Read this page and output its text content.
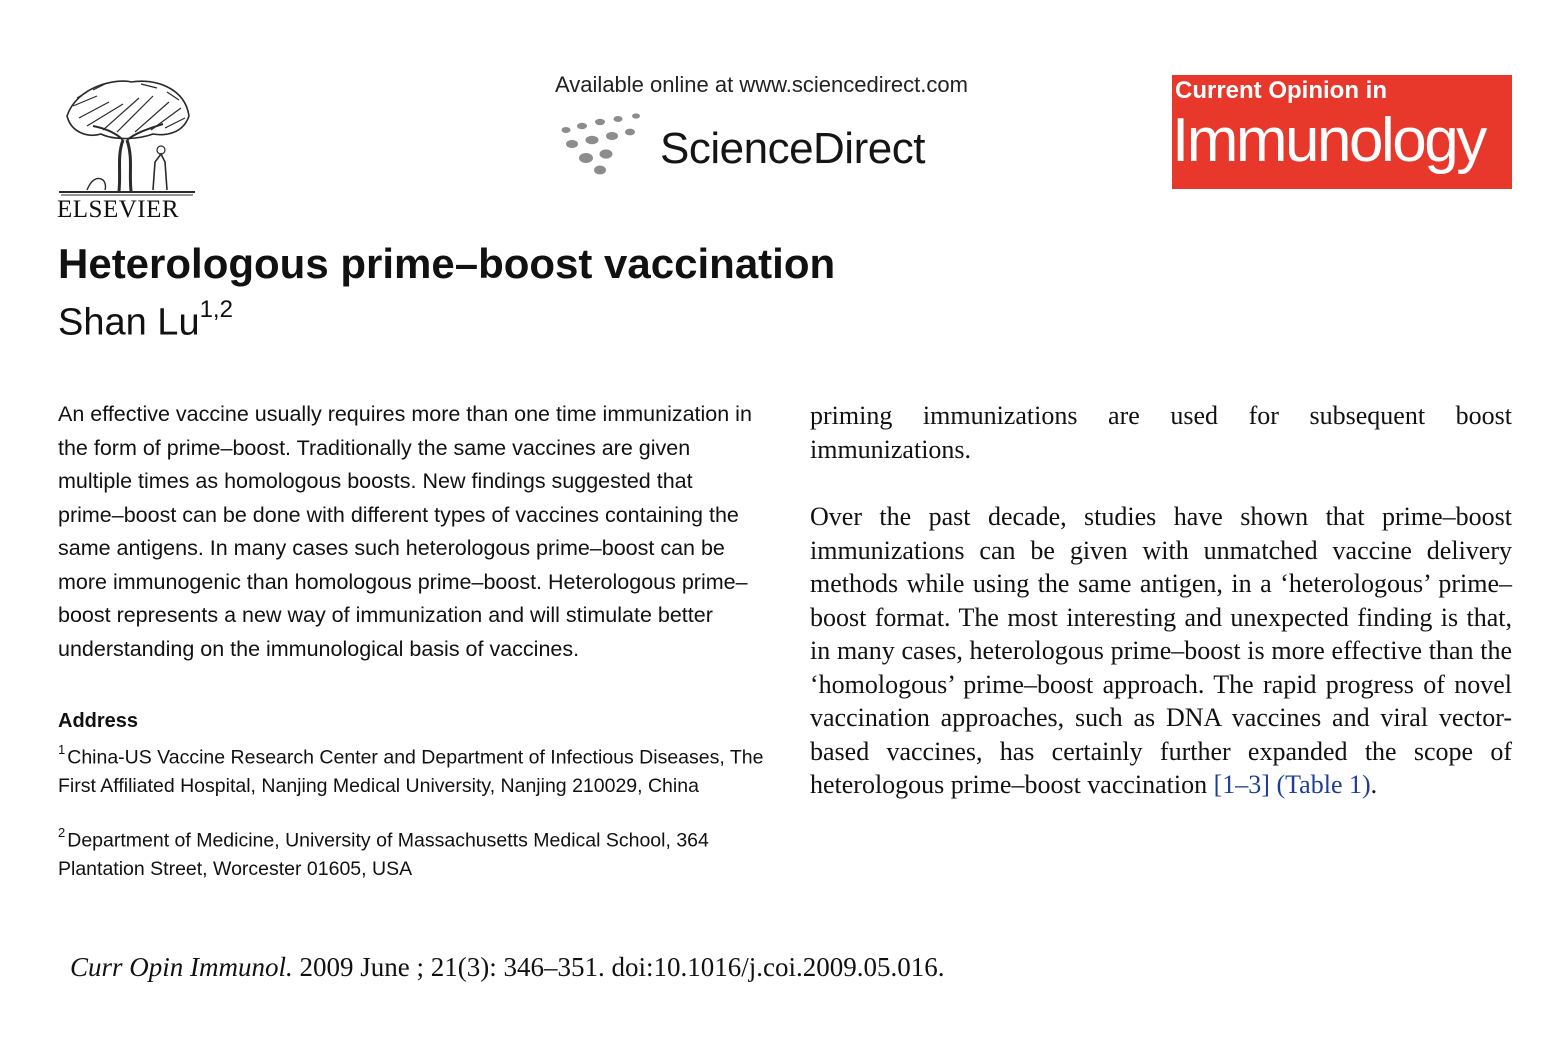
ELSEVIER
Available online at www.sciencedirect.com
ScienceDirect
Current Opinion in
Immunology
Heterologous prime–boost vaccination
Shan Lu$^{1,2}$

An effective vaccine usually requires more than one time immunization in the form of prime–boost. Traditionally the same vaccines are given multiple times as homologous boosts. New findings suggested that prime–boost can be done with different types of vaccines containing the same antigens. In many cases such heterologous prime–boost can be more immunogenic than homologous prime–boost. Heterologous prime–boost represents a new way of immunization and will stimulate better understanding on the immunological basis of vaccines.

Address

$^1$ China-US Vaccine Research Center and Department of Infectious Diseases, The First Affiliated Hospital, Nanjing Medical University, Nanjing 210029, China

$^2$ Department of Medicine, University of Massachusetts Medical School, 364 Plantation Street, Worcester 01605, USA

priming immunizations are used for subsequent boost immunizations.

Over the past decade, studies have shown that prime–boost immunizations can be given with unmatched vaccine delivery methods while using the same antigen, in a ‘heterologous’ prime–boost format. The most interesting and unexpected finding is that, in many cases, heterologous prime–boost is more effective than the ‘homologous’ prime–boost approach. The rapid progress of novel vaccination approaches, such as DNA vaccines and viral vector-based vaccines, has certainly further expanded the scope of heterologous prime–boost vaccination [1–3] (Table 1).

Curr Opin Immunol. 2009 June ; 21(3): 346–351. doi:10.1016/j.coi.2009.05.016.
